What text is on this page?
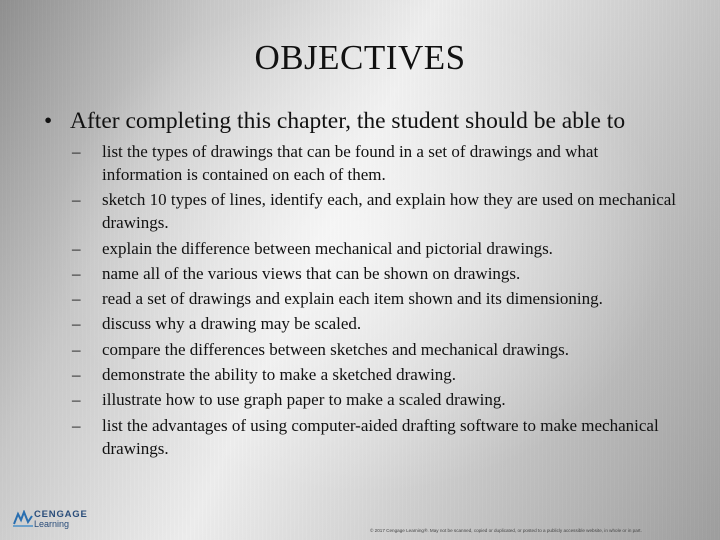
OBJECTIVES
• After completing this chapter, the student should be able to
– list the types of drawings that can be found in a set of drawings and what information is contained on each of them.
– sketch 10 types of lines, identify each, and explain how they are used on mechanical drawings.
– explain the difference between mechanical and pictorial drawings.
– name all of the various views that can be shown on drawings.
– read a set of drawings and explain each item shown and its dimensioning.
– discuss why a drawing may be scaled.
– compare the differences between sketches and mechanical drawings.
– demonstrate the ability to make a sketched drawing.
– illustrate how to use graph paper to make a scaled drawing.
– list the advantages of using computer-aided drafting software to make mechanical drawings.
CENGAGE
Learning
© 2017 Cengage Learning®. May not be scanned, copied or duplicated, or posted to a publicly accessible website, in whole or in part.
